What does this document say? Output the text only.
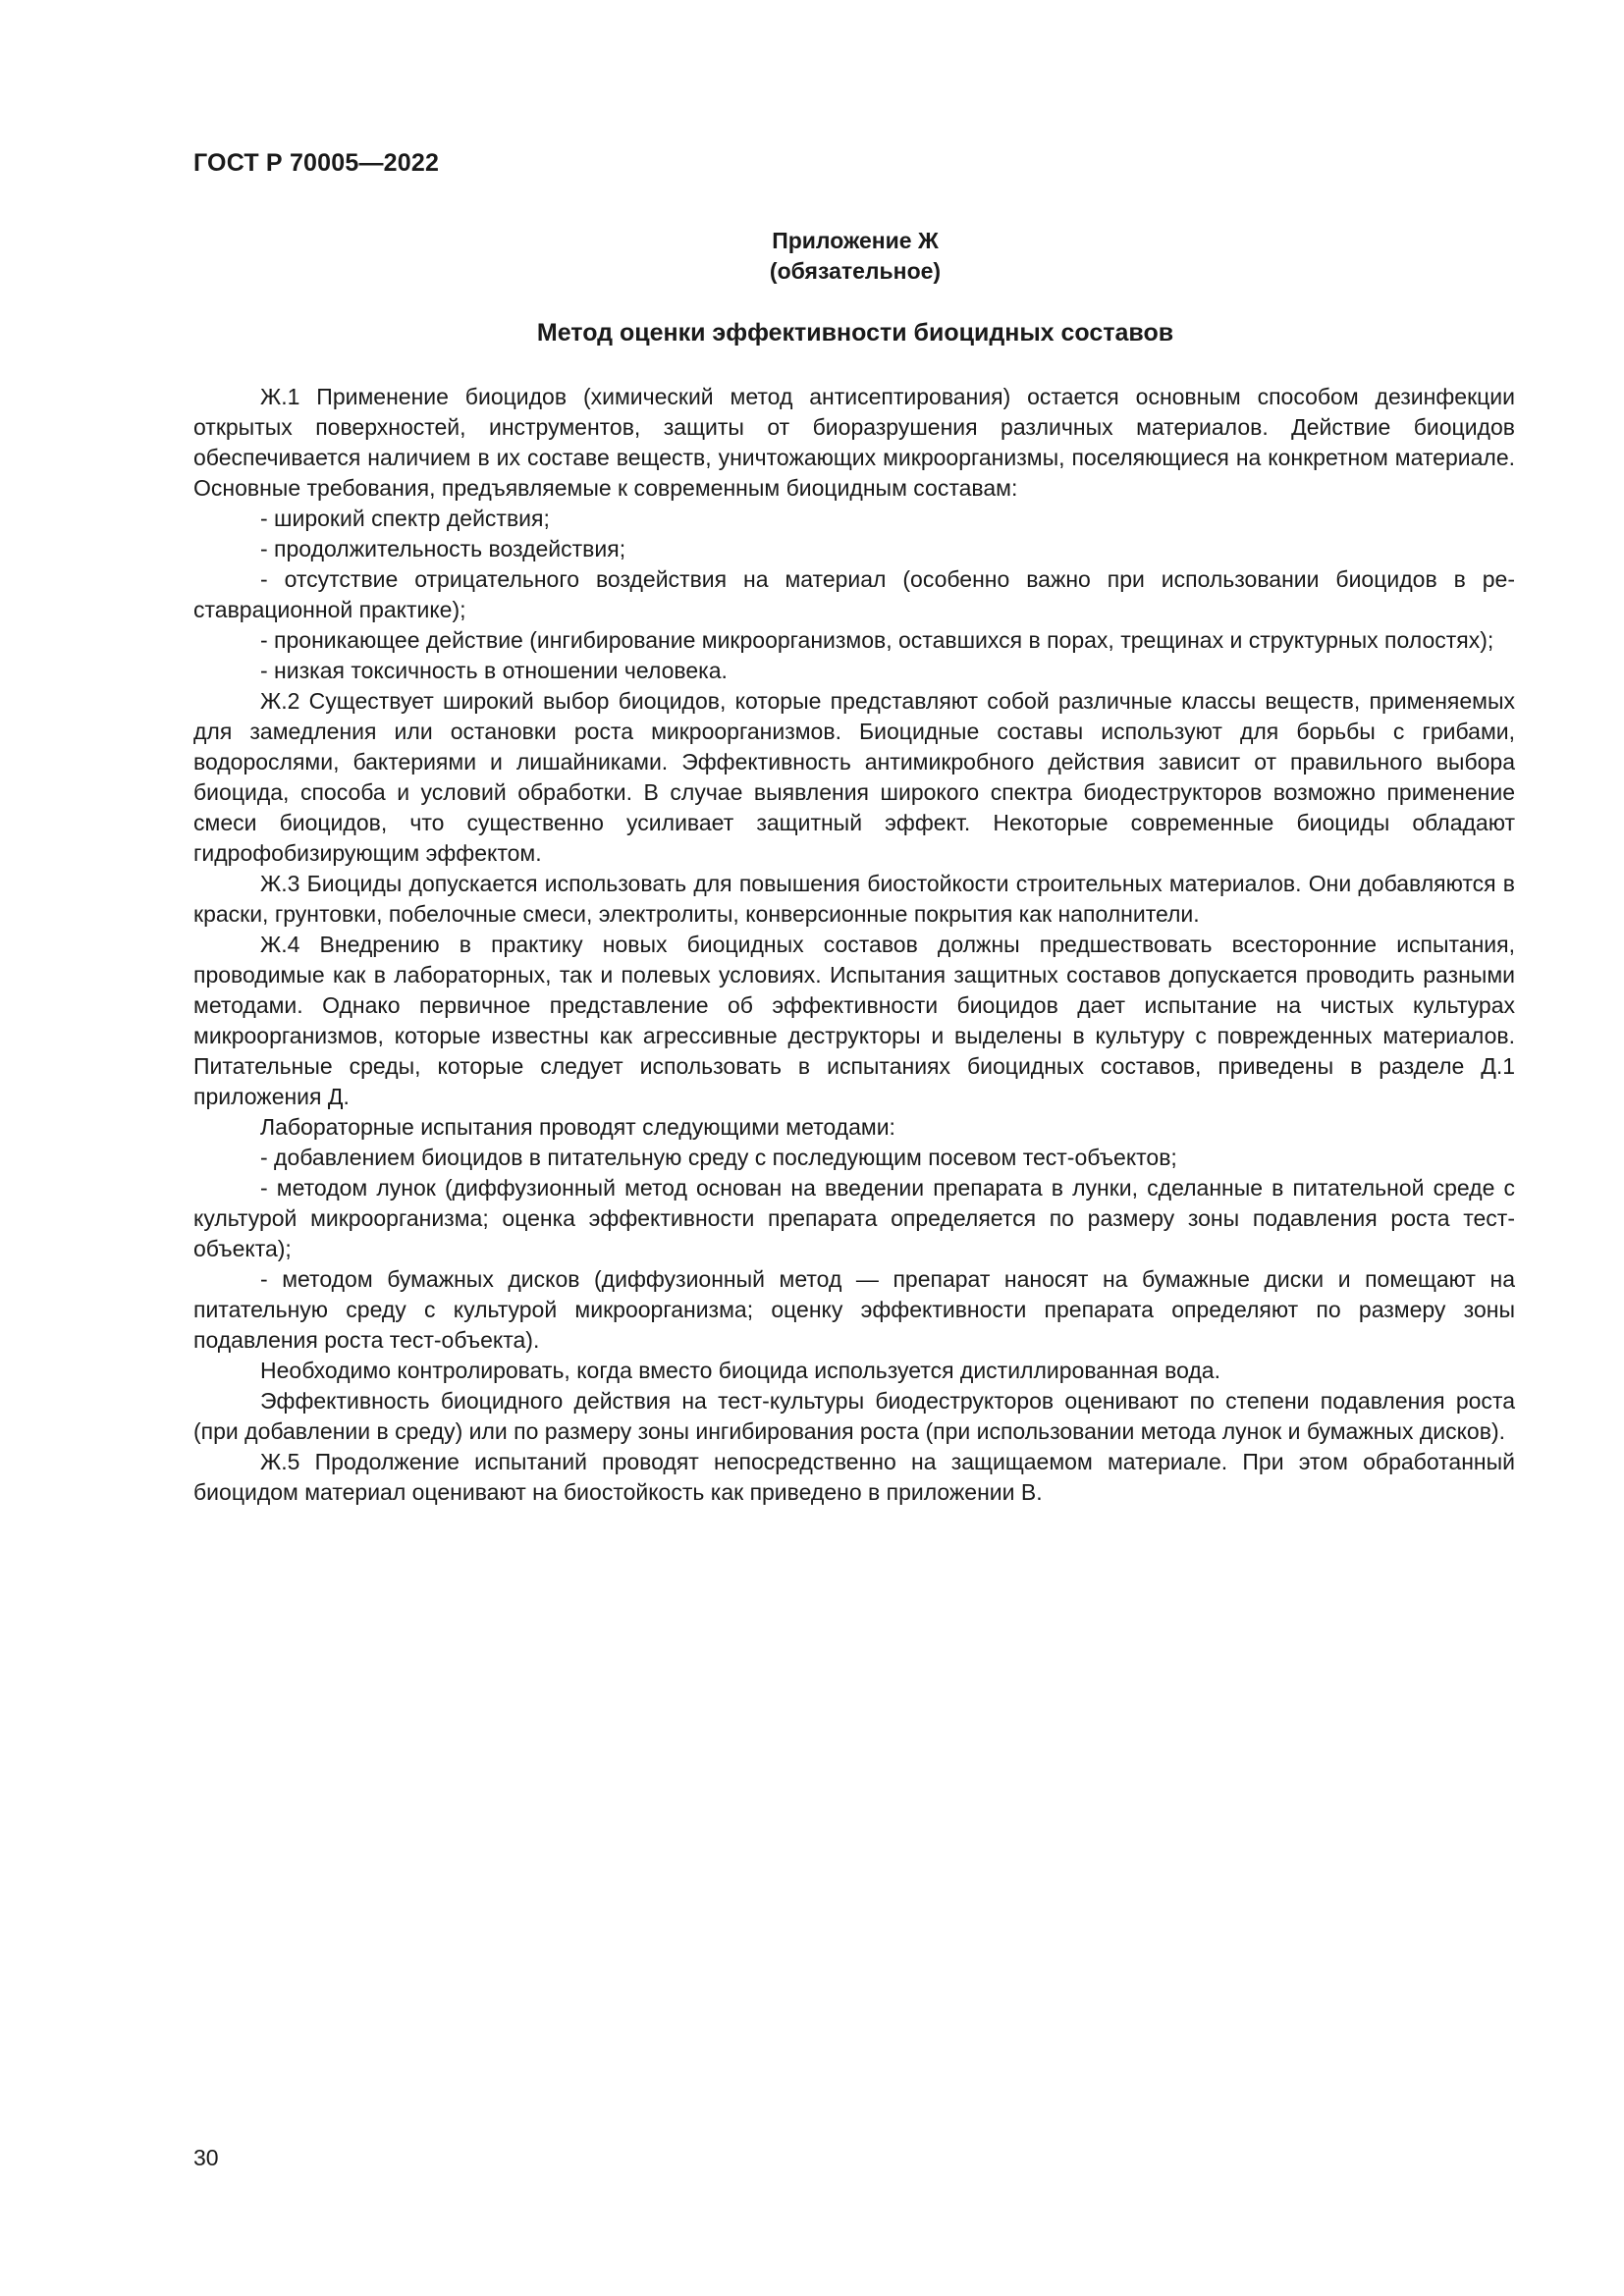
ГОСТ Р 70005—2022
Приложение Ж
(обязательное)
Метод оценки эффективности биоцидных составов

Ж.1 Применение биоцидов (химический метод антисептирования) остается основным способом дезинфекции открытых поверхностей, инструментов, защиты от биоразрушения различных материалов. Действие биоцидов обеспечивается наличием в их составе веществ, уничтожающих микроорганизмы, поселяющиеся на конкретном материале. Основные требования, предъявляемые к современным биоцидным составам:

- широкий спектр действия;

- продолжительность воздействия;

- отсутствие отрицательного воздействия на материал (особенно важно при использовании биоцидов в реставрационной практике);

- проникающее действие (ингибирование микроорганизмов, оставшихся в порах, трещинах и структурных полостях);

- низкая токсичность в отношении человека.

Ж.2 Существует широкий выбор биоцидов, которые представляют собой различные классы веществ, применяемых для замедления или остановки роста микроорганизмов. Биоцидные составы используют для борьбы с грибами, водорослями, бактериями и лишайниками. Эффективность антимикробного действия зависит от правильного выбора биоцида, способа и условий обработки. В случае выявления широкого спектра биодеструкторов возможно применение смеси биоцидов, что существенно усиливает защитный эффект. Некоторые современные биоциды обладают гидрофобизирующим эффектом.

Ж.3 Биоциды допускается использовать для повышения биостойкости строительных материалов. Они добавляются в краски, грунтовки, побелочные смеси, электролиты, конверсионные покрытия как наполнители.

Ж.4 Внедрению в практику новых биоцидных составов должны предшествовать всесторонние испытания, проводимые как в лабораторных, так и полевых условиях. Испытания защитных составов допускается проводить разными методами. Однако первичное представление об эффективности биоцидов дает испытание на чистых культурах микроорганизмов, которые известны как агрессивные деструкторы и выделены в культуру с поврежденных материалов. Питательные среды, которые следует использовать в испытаниях биоцидных составов, приведены в разделе Д.1 приложения Д.

Лабораторные испытания проводят следующими методами:

- добавлением биоцидов в питательную среду с последующим посевом тест-объектов;

- методом лунок (диффузионный метод основан на введении препарата в лунки, сделанные в питательной среде с культурой микроорганизма; оценка эффективности препарата определяется по размеру зоны подавления роста тест-объекта);

- методом бумажных дисков (диффузионный метод — препарат наносят на бумажные диски и помещают на питательную среду с культурой микроорганизма; оценку эффективности препарата определяют по размеру зоны подавления роста тест-объекта).

Необходимо контролировать, когда вместо биоцида используется дистиллированная вода.

Эффективность биоцидного действия на тест-культуры биодеструкторов оценивают по степени подавления роста (при добавлении в среду) или по размеру зоны ингибирования роста (при использовании метода лунок и бумажных дисков).

Ж.5 Продолжение испытаний проводят непосредственно на защищаемом материале. При этом обработанный биоцидом материал оценивают на биостойкость как приведено в приложении В.

30
